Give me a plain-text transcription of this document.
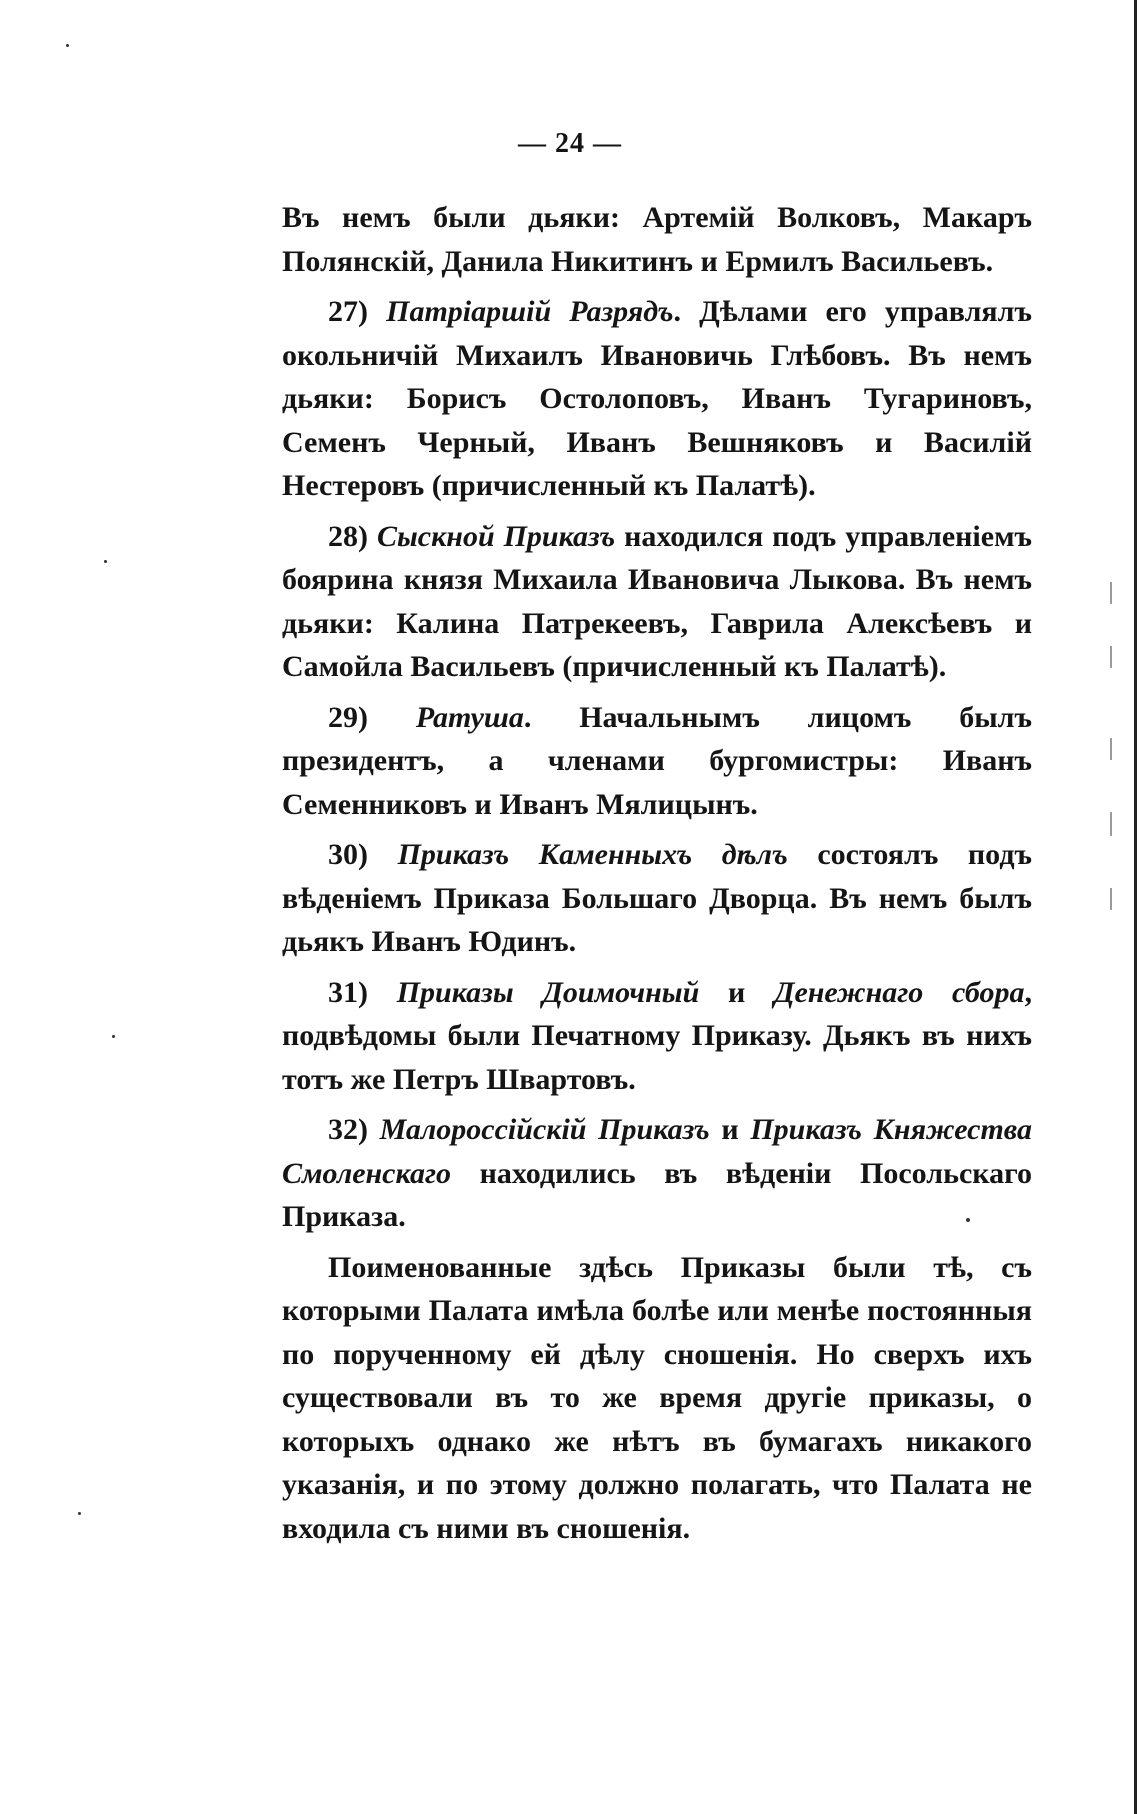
— 24 —

Въ немъ были дьяки: Артемій Волковъ, Макаръ Полянскій, Данила Никитинъ и Ермилъ Васильевъ.

27) Патріаршій Разрядъ. Дѣлами его управлялъ окольничій Михаилъ Ивановичь Глѣбовъ. Въ немъ дьяки: Борисъ Остолоповъ, Иванъ Тугариновъ, Семенъ Черный, Иванъ Вешняковъ и Василій Нестеровъ (причисленный къ Палатѣ).

28) Сыскной Приказъ находился подъ управленіемъ боярина князя Михаила Ивановича Лыкова. Въ немъ дьяки: Калина Патрекеевъ, Гаврила Алексѣевъ и Самойла Васильевъ (причисленный къ Палатѣ).

29) Ратуша. Начальнымъ лицомъ былъ президентъ, а членами бургомистры: Иванъ Семенниковъ и Иванъ Мялицынъ.

30) Приказъ Каменныхъ дѣлъ состоялъ подъ вѣденіемъ Приказа Большаго Дворца. Въ немъ былъ дьякъ Иванъ Юдинъ.

31) Приказы Доимочный и Денежнаго сбора, подвѣдомы были Печатному Приказу. Дьякъ въ нихъ тотъ же Петръ Швартовъ.

32) Малороссійскій Приказъ и Приказъ Княжества Смоленскаго находились въ вѣденіи Посольскаго Приказа.

Поименованные здѣсь Приказы были тѣ, съ которыми Палата имѣла болѣе или менѣе постоянныя по порученному ей дѣлу сношенія. Но сверхъ ихъ существовали въ то же время другіе приказы, о которыхъ однако же нѣтъ въ бумагахъ никакого указанія, и по этому должно полагать, что Палата не входила съ ними въ сношенія.
